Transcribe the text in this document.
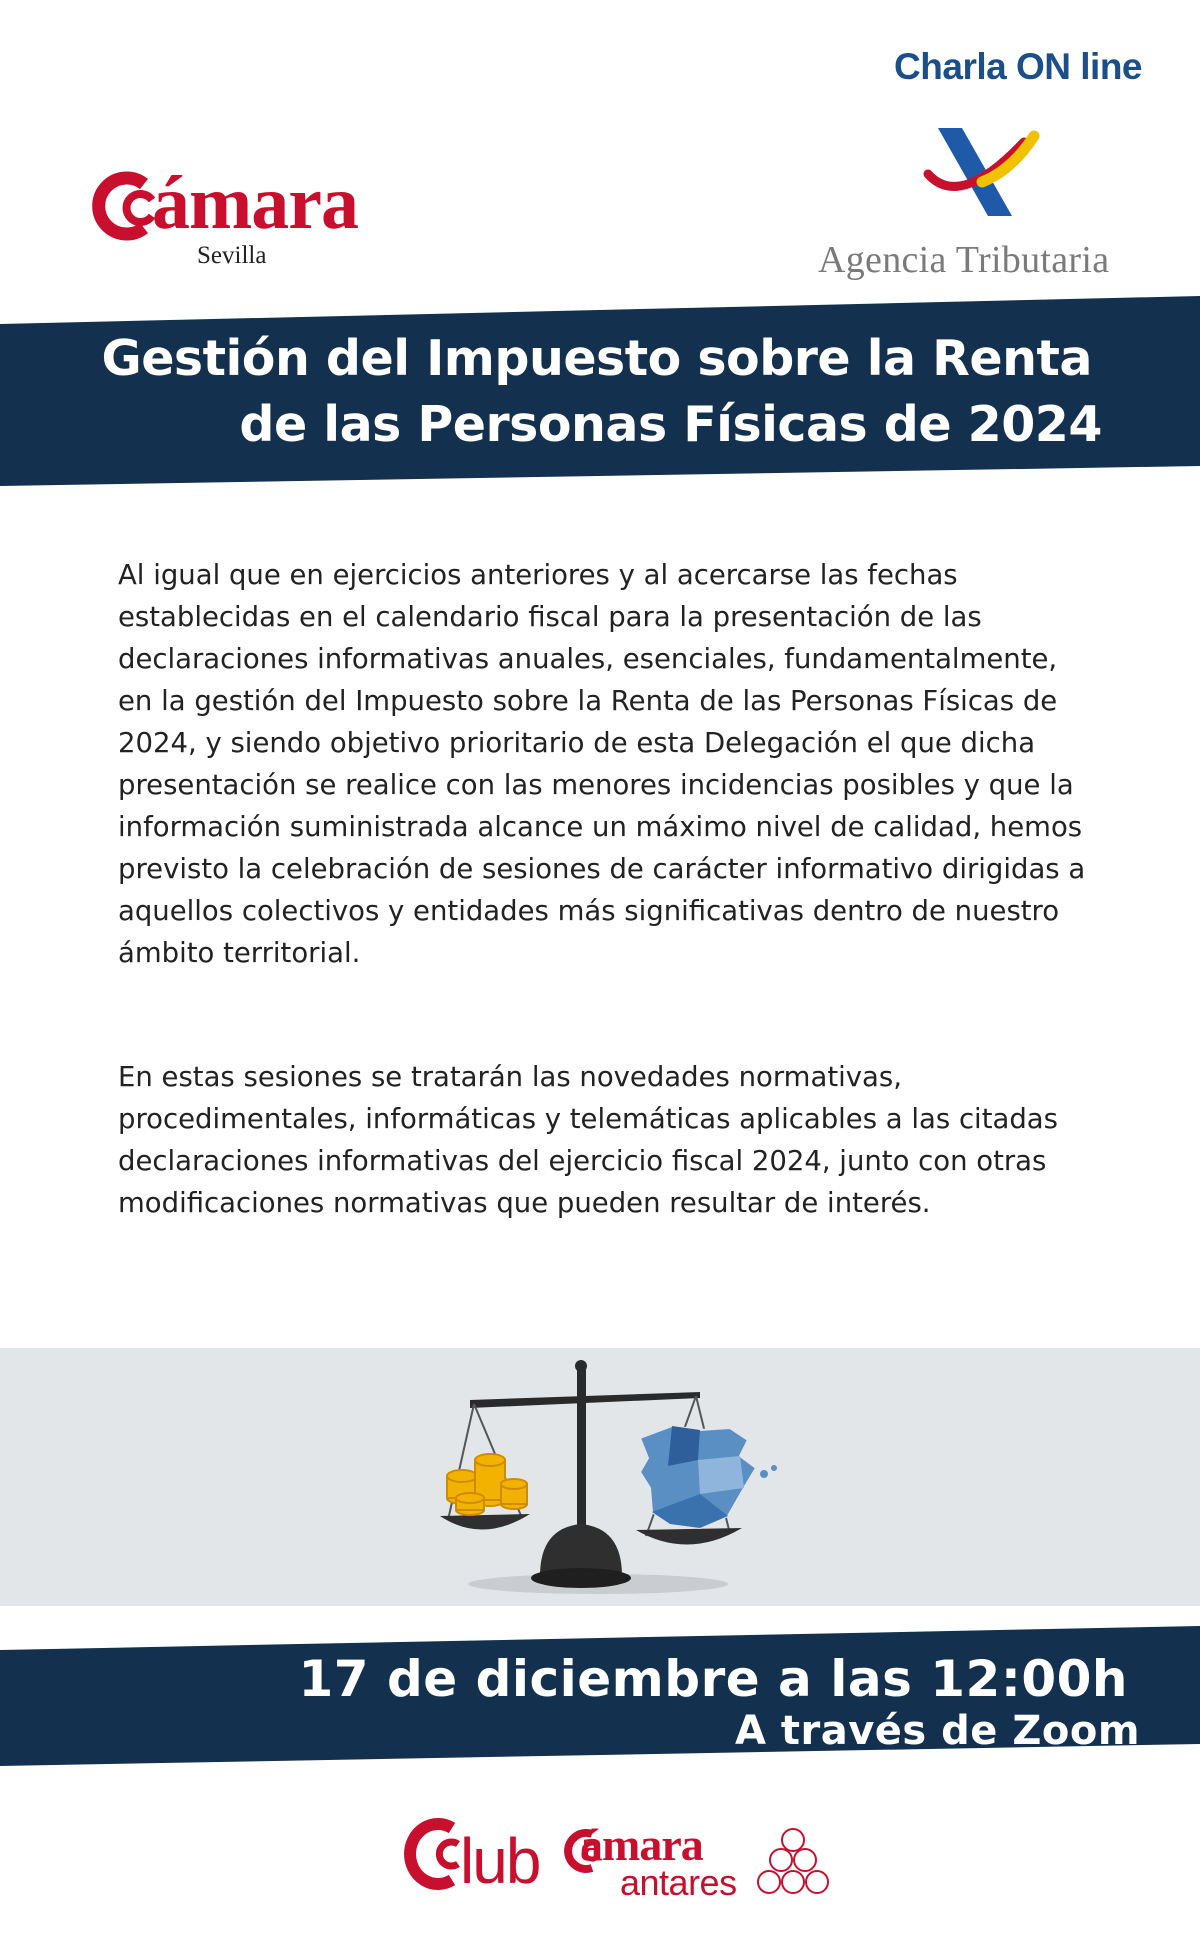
Charla ON line
ámara
Sevilla	Agencia Tributaria
Gestión del Impuesto sobre la Renta
de las Personas Físicas de 2024
Al igual que en ejercicios anteriores y al acercarse las fechas establecidas en el calendario fiscal para la presentación de las declaraciones informativas anuales, esenciales, fundamentalmente, en la gestión del Impuesto sobre la Renta de las Personas Físicas de 2024, y siendo objetivo prioritario de esta Delegación el que dicha presentación se realice con las menores incidencias posibles y que la información suministrada alcance un máximo nivel de calidad, hemos previsto la celebración de sesiones de carácter informativo dirigidas a aquellos colectivos y entidades más significativas dentro de nuestro ámbito territorial.
En estas sesiones se tratarán las novedades normativas, procedimentales, informáticas y telemáticas aplicables a las citadas declaraciones informativas del ejercicio fiscal 2024, junto con otras modificaciones normativas que pueden resultar de interés.
17 de diciembre a las 12:00h
A través de Zoom
lub ámara
antares
